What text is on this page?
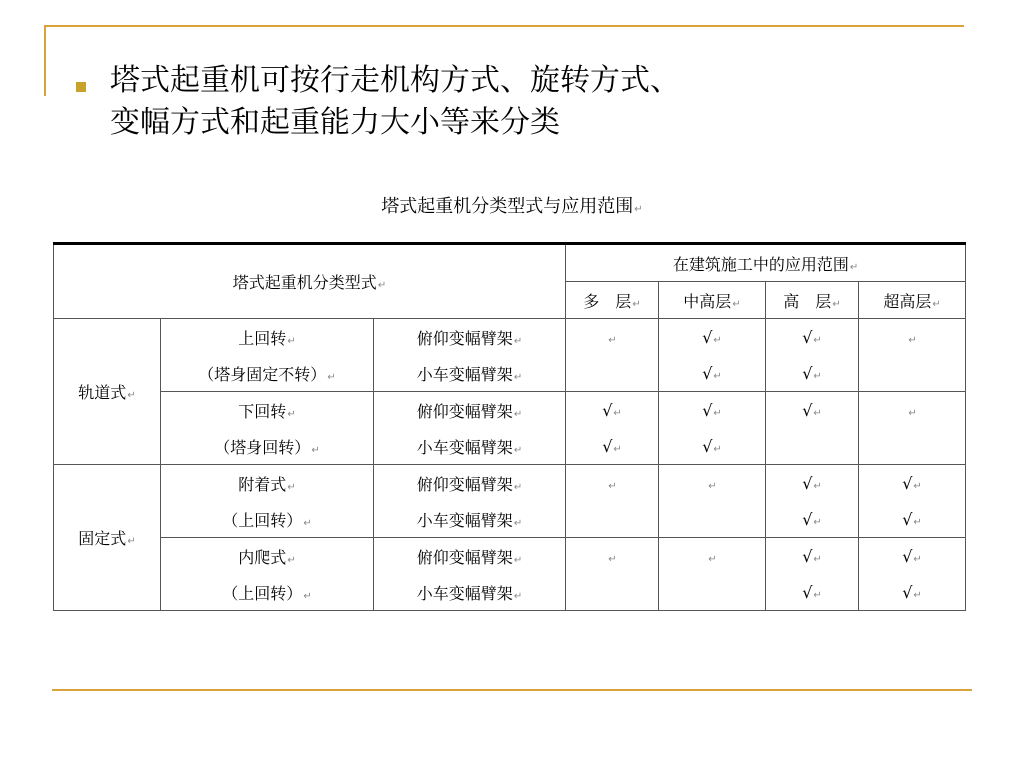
塔式起重机可按行走机构方式、旋转方式、
变幅方式和起重能力大小等来分类
塔式起重机分类型式与应用范围↵
塔式起重机分类型式↵			在建筑施工中的应用范围↵			
			多　层↵	中高层↵	高　层↵	超高层↵
轨道式↵	上回转↵	俯仰变幅臂架↵	↵	√↵	√↵	↵
	（塔身固定不转）↵	小车变幅臂架↵		√↵	√↵	
	下回转↵	俯仰变幅臂架↵	√↵	√↵	√↵	↵
	（塔身回转）↵	小车变幅臂架↵	√↵	√↵		
固定式↵	附着式↵	俯仰变幅臂架↵	↵	↵	√↵	√↵
	（上回转）↵	小车变幅臂架↵			√↵	√↵
	内爬式↵	俯仰变幅臂架↵	↵	↵	√↵	√↵
	（上回转）↵	小车变幅臂架↵			√↵	√↵
